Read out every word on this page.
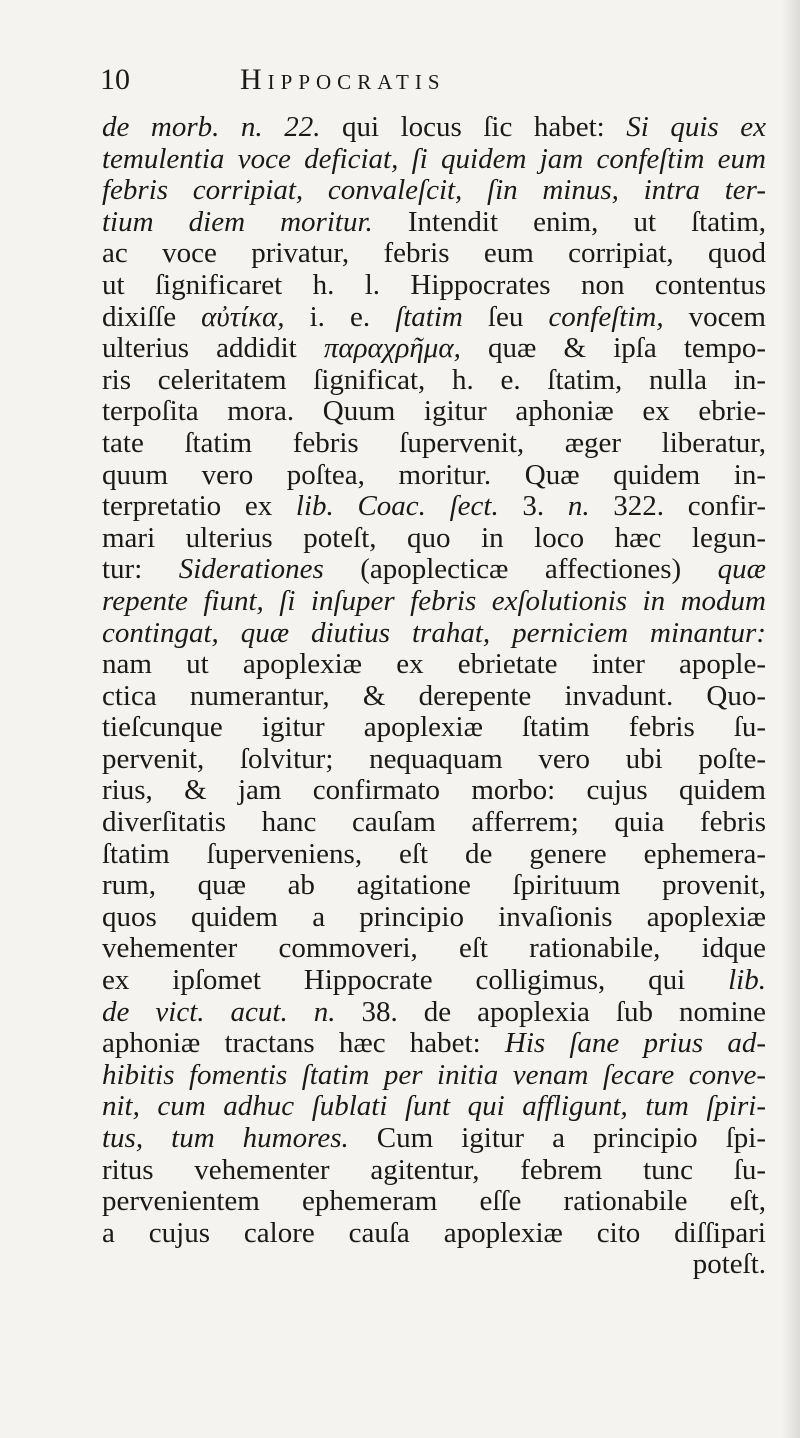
10	Hippocratis
de morb. n. 22. qui locus ſic habet: Si quis ex
temulentia voce deficiat, ſi quidem jam confeſtim eum
febris corripiat, convaleſcit, ſin minus, intra ter-
tium diem moritur. Intendit enim, ut ſtatim,
ac voce privatur, febris eum corripiat, quod
ut ſignificaret h. l. Hippocrates non contentus
dixiſſe αὐτίκα, i. e. ſtatim ſeu confeſtim, vocem
ulterius addidit παραχρῆμα, quæ & ipſa tempo-
ris celeritatem ſignificat, h. e. ſtatim, nulla in-
terpoſita mora. Quum igitur aphoniæ ex ebrie-
tate ſtatim febris ſupervenit, æger liberatur,
quum vero poſtea, moritur. Quæ quidem in-
terpretatio ex lib. Coac. ſect. 3. n. 322. confir-
mari ulterius poteſt, quo in loco hæc legun-
tur: Siderationes (apoplecticæ affectiones) quæ
repente fiunt, ſi inſuper febris exſolutionis in modum
contingat, quæ diutius trahat, perniciem minantur:
nam ut apoplexiæ ex ebrietate inter apople-
ctica numerantur, & derepente invadunt. Quo-
tieſcunque igitur apoplexiæ ſtatim febris ſu-
pervenit, ſolvitur; nequaquam vero ubi poſte-
rius, & jam confirmato morbo: cujus quidem
diverſitatis hanc cauſam afferrem; quia febris
ſtatim ſuperveniens, eſt de genere ephemera-
rum, quæ ab agitatione ſpirituum provenit,
quos quidem a principio invaſionis apoplexiæ
vehementer commoveri, eſt rationabile, idque
ex ipſomet Hippocrate colligimus, qui lib.
de vict. acut. n. 38. de apoplexia ſub nomine
aphoniæ tractans hæc habet: His ſane prius ad-
hibitis fomentis ſtatim per initia venam ſecare conve-
nit, cum adhuc ſublati ſunt qui affligunt, tum ſpiri-
tus, tum humores. Cum igitur a principio ſpi-
ritus vehementer agitentur, febrem tunc ſu-
pervenientem ephemeram eſſe rationabile eſt,
a cujus calore cauſa apoplexiæ cito diſſipari
poteſt.
